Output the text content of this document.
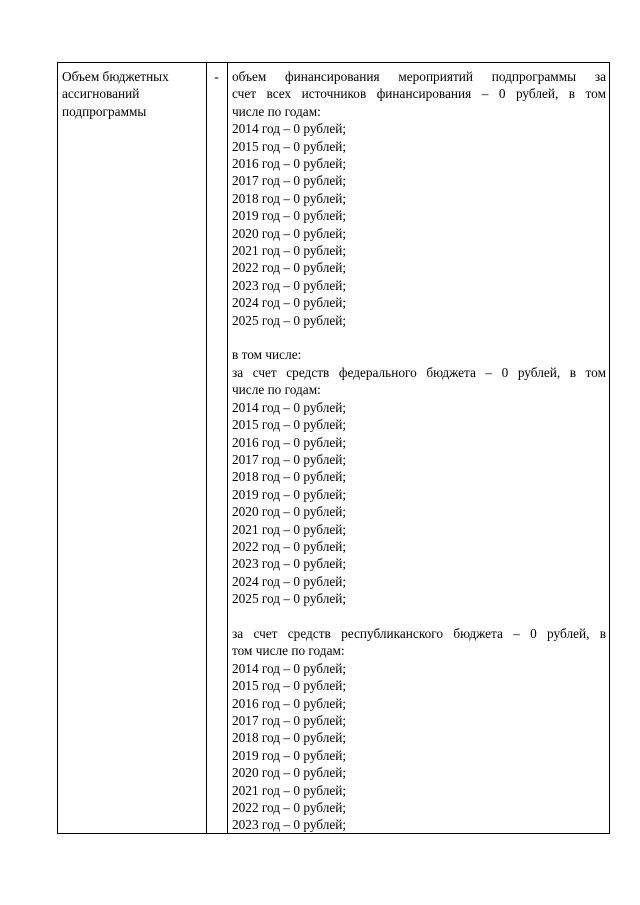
Объем бюджетных
ассигнований
подпрограммы
- объем финансирования мероприятий подпрограммы за
счет всех источников финансирования – 0 рублей, в том
числе по годам:
2014 год – 0 рублей;
2015 год – 0 рублей;
2016 год – 0 рублей;
2017 год – 0 рублей;
2018 год – 0 рублей;
2019 год – 0 рублей;
2020 год – 0 рублей;
2021 год – 0 рублей;
2022 год – 0 рублей;
2023 год – 0 рублей;
2024 год – 0 рублей;
2025 год – 0 рублей;
в том числе:
за счет средств федерального бюджета – 0 рублей, в том
числе по годам:
2014 год – 0 рублей;
2015 год – 0 рублей;
2016 год – 0 рублей;
2017 год – 0 рублей;
2018 год – 0 рублей;
2019 год – 0 рублей;
2020 год – 0 рублей;
2021 год – 0 рублей;
2022 год – 0 рублей;
2023 год – 0 рублей;
2024 год – 0 рублей;
2025 год – 0 рублей;
за счет средств республиканского бюджета – 0 рублей, в
том числе по годам:
2014 год – 0 рублей;
2015 год – 0 рублей;
2016 год – 0 рублей;
2017 год – 0 рублей;
2018 год – 0 рублей;
2019 год – 0 рублей;
2020 год – 0 рублей;
2021 год – 0 рублей;
2022 год – 0 рублей;
2023 год – 0 рублей;
